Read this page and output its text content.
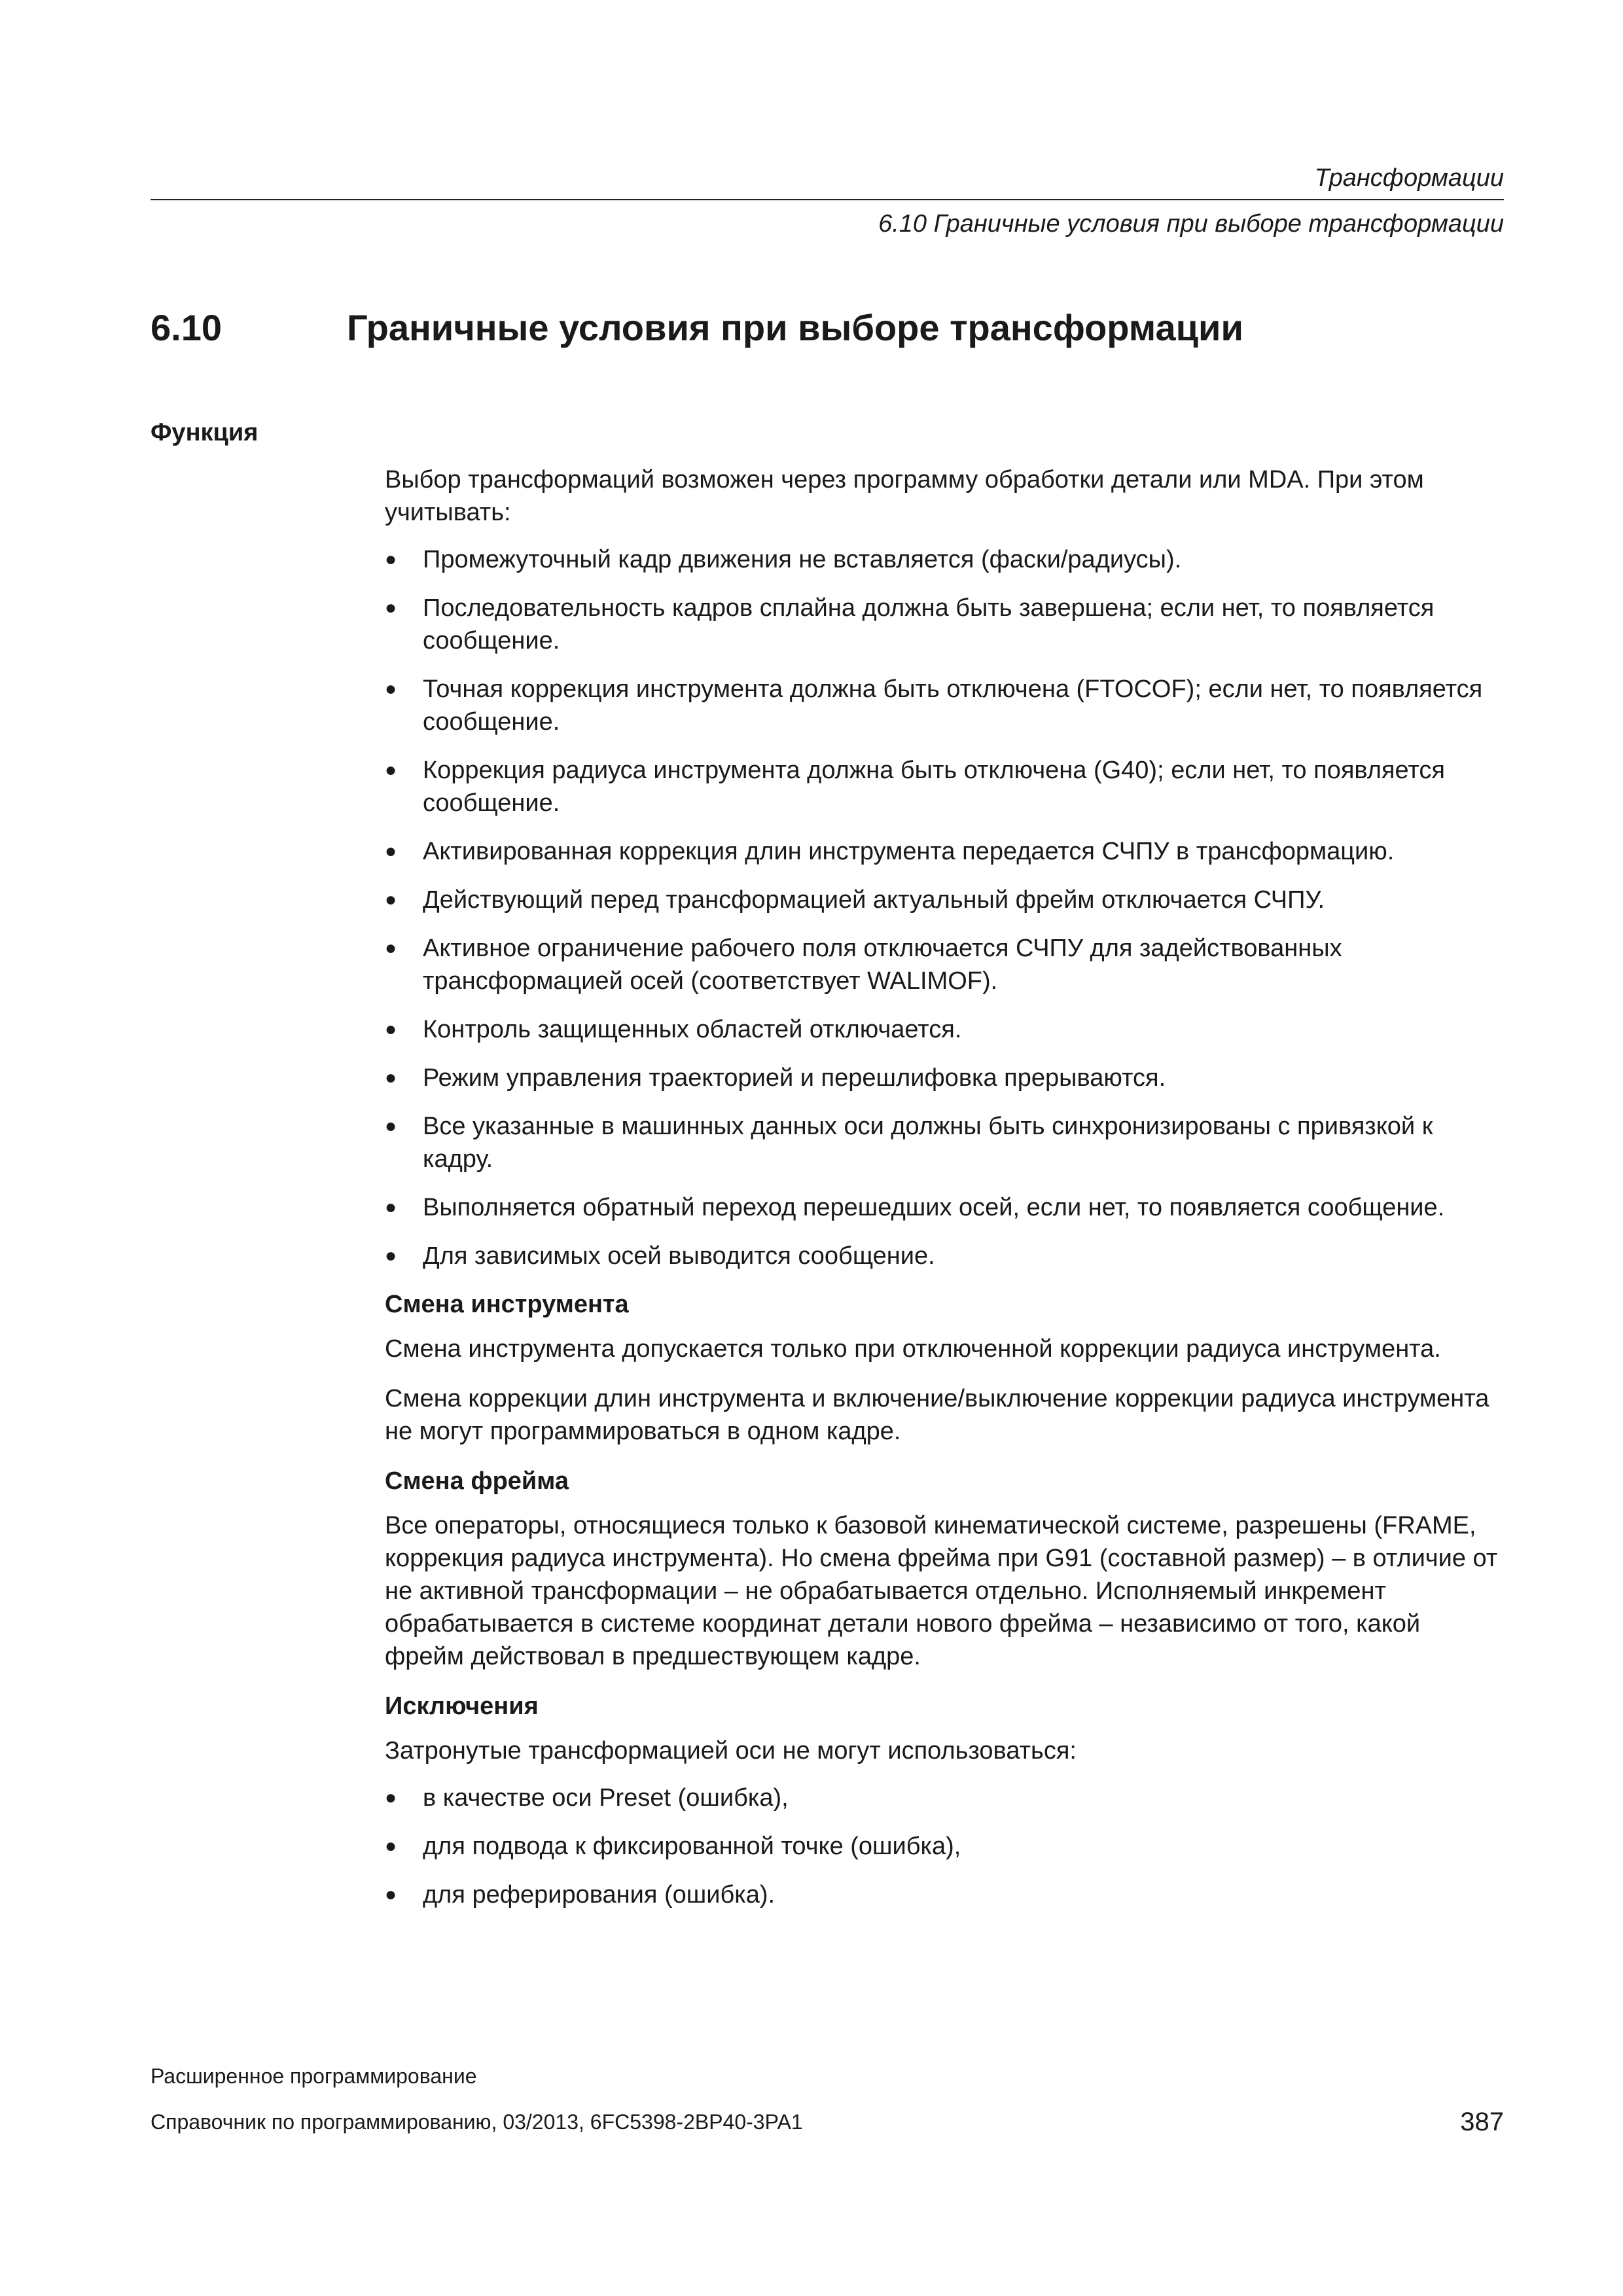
Трансформации
6.10 Граничные условия при выборе трансформации
6.10	Граничные условия при выборе трансформации
Функция

Выбор трансформаций возможен через программу обработки детали или MDA. При этом учитывать:

● Промежуточный кадр движения не вставляется (фаски/радиусы).
● Последовательность кадров сплайна должна быть завершена; если нет, то появляется сообщение.
● Точная коррекция инструмента должна быть отключена (FTOCOF); если нет, то появляется сообщение.
● Коррекция радиуса инструмента должна быть отключена (G40); если нет, то появляется сообщение.
● Активированная коррекция длин инструмента передается СЧПУ в трансформацию.
● Действующий перед трансформацией актуальный фрейм отключается СЧПУ.
● Активное ограничение рабочего поля отключается СЧПУ для задействованных трансформацией осей (соответствует WALIMOF).
● Контроль защищенных областей отключается.
● Режим управления траекторией и перешлифовка прерываются.
● Все указанные в машинных данных оси должны быть синхронизированы с привязкой к кадру.
● Выполняется обратный переход перешедших осей, если нет, то появляется сообщение.
● Для зависимых осей выводится сообщение.
Смена инструмента

Смена инструмента допускается только при отключенной коррекции радиуса инструмента.

Смена коррекции длин инструмента и включение/выключение коррекции радиуса инструмента не могут программироваться в одном кадре.

Смена фрейма

Все операторы, относящиеся только к базовой кинематической системе, разрешены (FRAME, коррекция радиуса инструмента). Но смена фрейма при G91 (составной размер) – в отличие от не активной трансформации – не обрабатывается отдельно. Исполняемый инкремент обрабатывается в системе координат детали нового фрейма – независимо от того, какой фрейм действовал в предшествующем кадре.

Исключения

Затронутые трансформацией оси не могут использоваться:

● в качестве оси Preset (ошибка),
● для подвода к фиксированной точке (ошибка),
● для реферирования (ошибка).
Расширенное программирование
Справочник по программированию, 03/2013, 6FC5398-2BP40-3PA1	387
